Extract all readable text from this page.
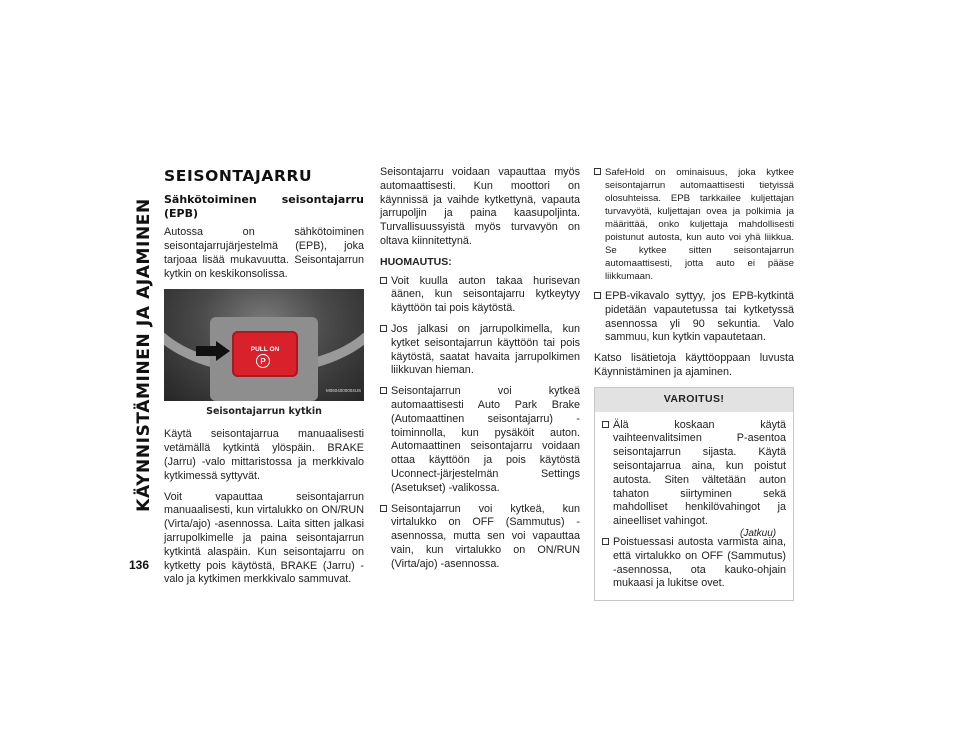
KÄYNNISTÄMINEN JA AJAMINEN
136
SEISONTAJARRU
Sähkötoiminen seisontajarru (EPB)

Autossa on sähkötoiminen seisontajarrujärjestelmä (EPB), joka tarjoaa lisää mukavuutta. Seisontajarrun kytkin on keskikonsolissa.

PULL ON
P
M0604000004US
Seisontajarrun kytkin

Käytä seisontajarrua manuaalisesti vetämällä kytkintä ylöspäin. BRAKE (Jarru) -valo mittaristossa ja merkkivalo kytkimessä syttyvät.

Voit vapauttaa seisontajarrun manuaalisesti, kun virtalukko on ON/RUN (Virta/ajo) -asennossa. Laita sitten jalkasi jarrupolkimelle ja paina seisontajarrun kytkintä alaspäin. Kun seisontajarru on kytketty pois käytöstä, BRAKE (Jarru) -valo ja kytkimen merkkivalo sammuvat.

Seisontajarru voidaan vapauttaa myös automaattisesti. Kun moottori on käynnissä ja vaihde kytkettynä, vapauta jarrupoljin ja paina kaasupoljinta. Turvallisuussyistä myös turvavyön on oltava kiinnitettynä.

HUOMAUTUS:
Voit kuulla auton takaa hurisevan äänen, kun seisontajarru kytkeytyy käyttöön tai pois käytöstä.
Jos jalkasi on jarrupolkimella, kun kytket seisontajarrun käyttöön tai pois käytöstä, saatat havaita jarrupolkimen liikkuvan hieman.
Seisontajarrun voi kytkeä automaattisesti Auto Park Brake (Automaattinen seisontajarru) -toiminnolla, kun pysäköit auton. Automaattinen seisontajarru voidaan ottaa käyttöön ja pois käytöstä Uconnect-järjestelmän Settings (Asetukset) -valikossa.
Seisontajarrun voi kytkeä, kun virtalukko on OFF (Sammutus) -asennossa, mutta sen voi vapauttaa vain, kun virtalukko on ON/RUN (Virta/ajo) -asennossa.
SafeHold on ominaisuus, joka kytkee seisontajarrun automaattisesti tietyissä olosuhteissa. EPB tarkkailee kuljettajan turvavyötä, kuljettajan ovea ja polkimia ja määrittää, onko kuljettaja mahdollisesti poistunut autosta, kun auto voi yhä liikkua. Se kytkee sitten seisontajarrun automaattisesti, jotta auto ei pääse liikkumaan.
EPB-vikavalo syttyy, jos EPB-kytkintä pidetään vapautetussa tai kytketyssä asennossa yli 90 sekuntia. Valo sammuu, kun kytkin vapautetaan.

Katso lisätietoja käyttöoppaan luvusta Käynnistäminen ja ajaminen.

VAROITUS!
Älä koskaan käytä vaihteenvalitsimen P-asentoa seisontajarrun sijasta. Käytä seisontajarrua aina, kun poistut autosta. Siten vältetään auton tahaton siirtyminen sekä mahdolliset henkilövahingot ja aineelliset vahingot.
Poistuessasi autosta varmista aina, että virtalukko on OFF (Sammutus) -asennossa, ota kauko-ohjain mukaasi ja lukitse ovet.
(Jatkuu)
